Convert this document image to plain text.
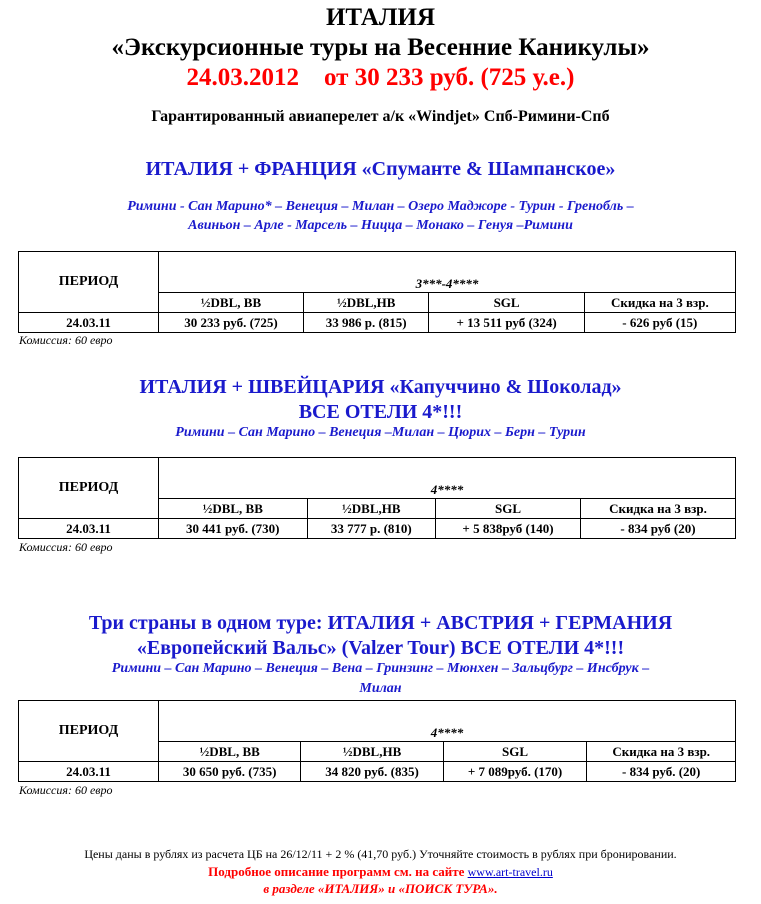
ИТАЛИЯ
«Экскурсионные туры на Весенние Каникулы»
24.03.2012 от 30 233 руб. (725 у.е.)
Гарантированный авиаперелет а/к «Windjet» Спб-Римини-Спб
ИТАЛИЯ + ФРАНЦИЯ «Спуманте & Шампанское»
Римини - Сан Марино* – Венеция – Милан – Озеро Маджоре - Турин - Гренобль –
Авиньон – Арле - Марсель – Ницца – Монако – Генуя –Римини
ПЕРИОД	3***-4****			
	½DBL, BB	½DBL,HB	SGL	Скидка на 3 взр.
24.03.11	30 233 руб. (725)	33 986 р. (815)	+ 13 511 руб (324)	- 626 руб (15)
Комиссия: 60 евро
ИТАЛИЯ + ШВЕЙЦАРИЯ «Капуччино & Шоколад»
ВСЕ ОТЕЛИ 4*!!!
Римини – Сан Марино – Венеция –Милан – Цюрих – Берн – Турин
ПЕРИОД	4****			
	½DBL, BB	½DBL,HB	SGL	Скидка на 3 взр.
24.03.11	30 441 руб. (730)	33 777 р. (810)	+ 5 838руб (140)	- 834 руб (20)
Комиссия: 60 евро
Три страны в одном туре: ИТАЛИЯ + АВСТРИЯ + ГЕРМАНИЯ
«Европейский Вальс» (Valzer Tour) ВСЕ ОТЕЛИ 4*!!!
Римини – Сан Марино – Венеция – Вена – Гринзинг – Мюнхен – Зальцбург – Инсбрук –
Милан
ПЕРИОД	4****			
	½DBL, BB	½DBL,HB	SGL	Скидка на 3 взр.
24.03.11	30 650 руб. (735)	34 820 руб. (835)	+ 7 089руб. (170)	- 834 руб. (20)
Комиссия: 60 евро
Цены даны в рублях из расчета ЦБ на 26/12/11 + 2 % (41,70 руб.) Уточняйте стоимость в рублях при бронировании.
Подробное описание программ см. на сайте www.art-travel.ru
в разделе «ИТАЛИЯ» и «ПОИСК ТУРА».
